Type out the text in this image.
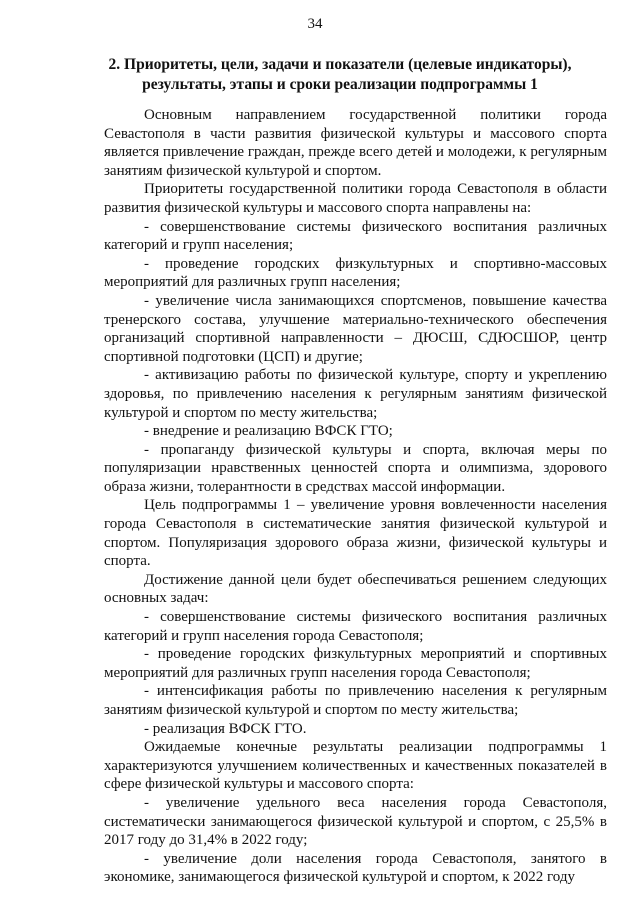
34
2. Приоритеты, цели, задачи и показатели (целевые индикаторы),
результаты, этапы и сроки реализации подпрограммы 1

Основным направлением государственной политики города Севастополя в части развития физической культуры и массового спорта является привлечение граждан, прежде всего детей и молодежи, к регулярным занятиям физической культурой и спортом.

Приоритеты государственной политики города Севастополя в области развития физической культуры и массового спорта направлены на:

- совершенствование системы физического воспитания различных категорий и групп населения;

- проведение городских физкультурных и спортивно-массовых мероприятий для различных групп населения;

- увеличение числа занимающихся спортсменов, повышение качества тренерского состава, улучшение материально-технического обеспечения организаций спортивной направленности – ДЮСШ, СДЮСШОР, центр спортивной подготовки (ЦСП) и другие;

- активизацию работы по физической культуре, спорту и укреплению здоровья, по привлечению населения к регулярным занятиям физической культурой и спортом по месту жительства;

- внедрение и реализацию ВФСК ГТО;

- пропаганду физической культуры и спорта, включая меры по популяризации нравственных ценностей спорта и олимпизма, здорового образа жизни, толерантности в средствах массой информации.

Цель подпрограммы 1 – увеличение уровня вовлеченности населения города Севастополя в систематические занятия физической культурой и спортом. Популяризация здорового образа жизни, физической культуры и спорта.

Достижение данной цели будет обеспечиваться решением следующих основных задач:

- совершенствование системы физического воспитания различных категорий и групп населения города Севастополя;

- проведение городских физкультурных мероприятий и спортивных мероприятий для различных групп населения города Севастополя;

- интенсификация работы по привлечению населения к регулярным занятиям физической культурой и спортом по месту жительства;

- реализация ВФСК ГТО.

Ожидаемые конечные результаты реализации подпрограммы 1 характеризуются улучшением количественных и качественных показателей в сфере физической культуры и массового спорта:

- увеличение удельного веса населения города Севастополя, систематически занимающегося физической культурой и спортом, с 25,5% в 2017 году до 31,4% в 2022 году;

- увеличение доли населения города Севастополя, занятого в экономике, занимающегося физической культурой и спортом, к 2022 году
